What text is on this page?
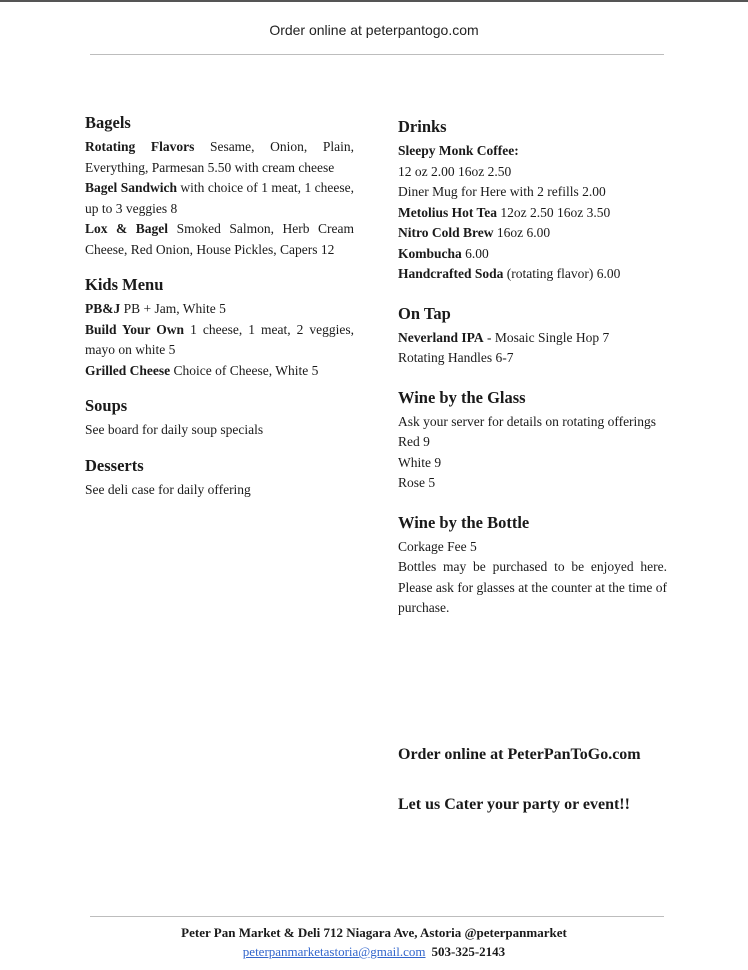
Order online at peterpantogo.com
Bagels
Rotating Flavors Sesame, Onion, Plain, Everything, Parmesan 5.50 with cream cheese
Bagel Sandwich with choice of 1 meat, 1 cheese, up to 3 veggies 8
Lox & Bagel Smoked Salmon, Herb Cream Cheese, Red Onion, House Pickles, Capers 12
Kids Menu
PB&J PB + Jam, White 5
Build Your Own 1 cheese, 1 meat, 2 veggies, mayo on white 5
Grilled Cheese Choice of Cheese, White 5
Soups
See board for daily soup specials
Desserts
See deli case for daily offering
Drinks
Sleepy Monk Coffee:
12 oz 2.00 16oz 2.50
Diner Mug for Here with 2 refills 2.00
Metolius Hot Tea 12oz 2.50 16oz 3.50
Nitro Cold Brew 16oz 6.00
Kombucha 6.00
Handcrafted Soda (rotating flavor) 6.00
On Tap
Neverland IPA - Mosaic Single Hop 7
Rotating Handles 6-7
Wine by the Glass
Ask your server for details on rotating offerings
Red 9
White 9
Rose 5
Wine by the Bottle
Corkage Fee 5
Bottles may be purchased to be enjoyed here. Please ask for glasses at the counter at the time of purchase.
Order online at PeterPanToGo.com
Let us Cater your party or event!!
Peter Pan Market & Deli 712 Niagara Ave, Astoria @peterpanmarket
peterpanmarketastoria@gmail.com 503-325-2143
